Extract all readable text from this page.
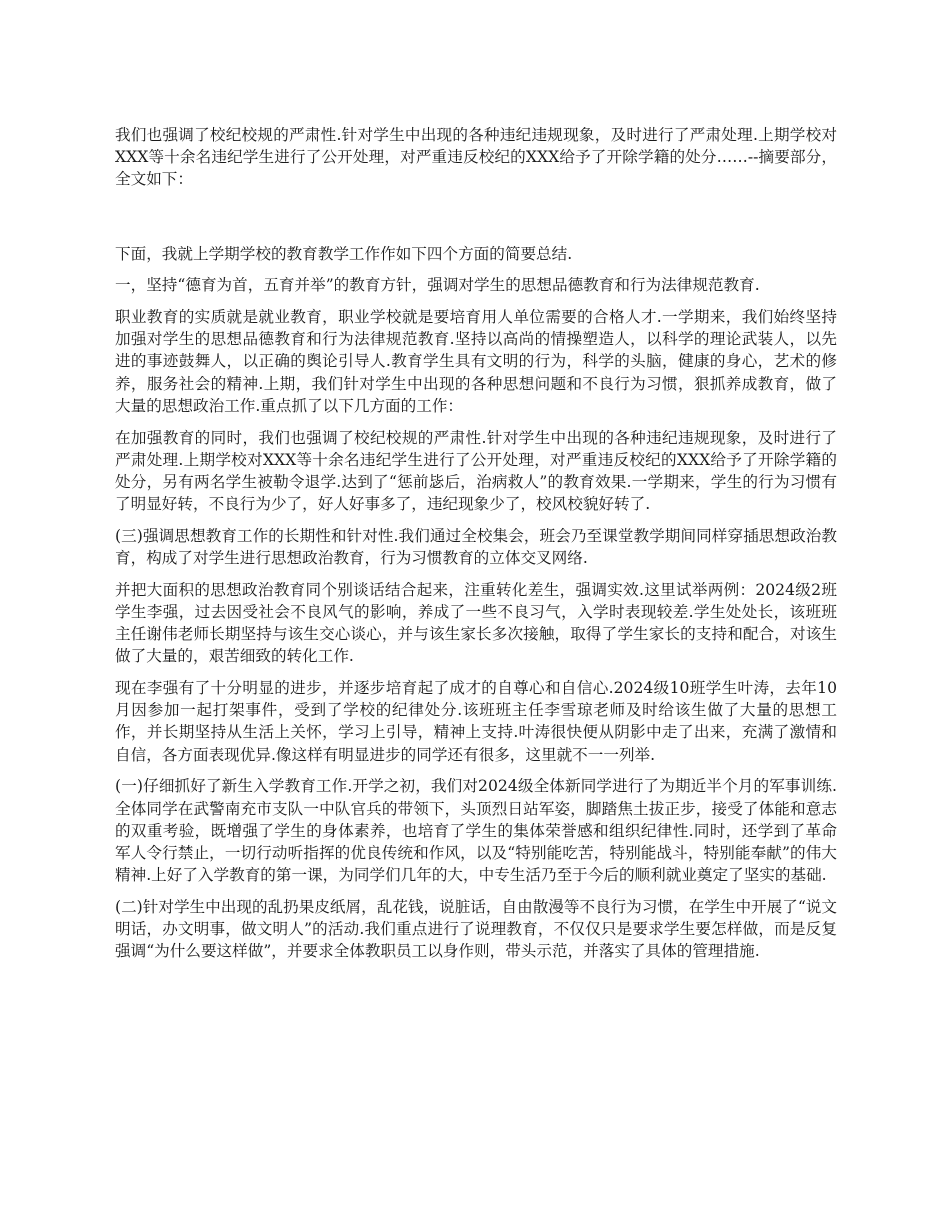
我们也强调了校纪校规的严肃性.针对学生中出现的各种违纪违规现象，及时进行了严肃处理.上期学校对XXX等十余名违纪学生进行了公开处理，对严重违反校纪的XXX给予了开除学籍的处分……--摘要部分，全文如下：

下面，我就上学期学校的教育教学工作作如下四个方面的简要总结.

一，坚持“德育为首，五育并举”的教育方针，强调对学生的思想品德教育和行为法律规范教育.

职业教育的实质就是就业教育，职业学校就是要培育用人单位需要的合格人才.一学期来，我们始终坚持加强对学生的思想品德教育和行为法律规范教育.坚持以高尚的情操塑造人，以科学的理论武装人，以先进的事迹鼓舞人，以正确的舆论引导人.教育学生具有文明的行为，科学的头脑，健康的身心，艺术的修养，服务社会的精神.上期，我们针对学生中出现的各种思想问题和不良行为习惯，狠抓养成教育，做了大量的思想政治工作.重点抓了以下几方面的工作：

在加强教育的同时，我们也强调了校纪校规的严肃性.针对学生中出现的各种违纪违规现象，及时进行了严肃处理.上期学校对XXX等十余名违纪学生进行了公开处理，对严重违反校纪的XXX给予了开除学籍的处分，另有两名学生被勒令退学.达到了“惩前毖后，治病救人”的教育效果.一学期来，学生的行为习惯有了明显好转，不良行为少了，好人好事多了，违纪现象少了，校风校貌好转了.

(三)强调思想教育工作的长期性和针对性.我们通过全校集会，班会乃至课堂教学期间同样穿插思想政治教育，构成了对学生进行思想政治教育，行为习惯教育的立体交叉网络.

并把大面积的思想政治教育同个别谈话结合起来，注重转化差生，强调实效.这里试举两例：2024级2班学生李强，过去因受社会不良风气的影响，养成了一些不良习气，入学时表现较差.学生处处长，该班班主任谢伟老师长期坚持与该生交心谈心，并与该生家长多次接触，取得了学生家长的支持和配合，对该生做了大量的，艰苦细致的转化工作.

现在李强有了十分明显的进步，并逐步培育起了成才的自尊心和自信心.2024级10班学生叶涛，去年10月因参加一起打架事件，受到了学校的纪律处分.该班班主任李雪琼老师及时给该生做了大量的思想工作，并长期坚持从生活上关怀，学习上引导，精神上支持.叶涛很快便从阴影中走了出来，充满了激情和自信，各方面表现优异.像这样有明显进步的同学还有很多，这里就不一一列举.

(一)仔细抓好了新生入学教育工作.开学之初，我们对2024级全体新同学进行了为期近半个月的军事训练.全体同学在武警南充市支队一中队官兵的带领下，头顶烈日站军姿，脚踏焦土拔正步，接受了体能和意志的双重考验，既增强了学生的身体素养，也培育了学生的集体荣誉感和组织纪律性.同时，还学到了革命军人令行禁止，一切行动听指挥的优良传统和作风，以及“特别能吃苦，特别能战斗，特别能奉献”的伟大精神.上好了入学教育的第一课，为同学们几年的大，中专生活乃至于今后的顺利就业奠定了坚实的基础.

(二)针对学生中出现的乱扔果皮纸屑，乱花钱，说脏话，自由散漫等不良行为习惯，在学生中开展了“说文明话，办文明事，做文明人”的活动.我们重点进行了说理教育，不仅仅只是要求学生要怎样做，而是反复强调“为什么要这样做”，并要求全体教职员工以身作则，带头示范，并落实了具体的管理措施.
